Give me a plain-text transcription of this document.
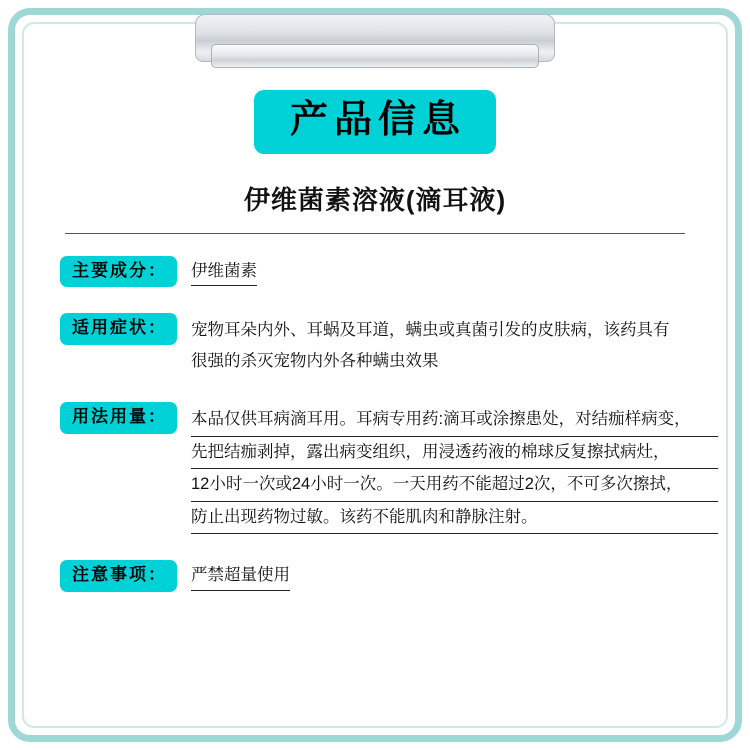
产品信息
伊维菌素溶液(滴耳液)
主要成分：	伊维菌素
适用症状：	宠物耳朵内外、耳蜗及耳道，螨虫或真菌引发的皮肤病，该药具有
很强的杀灭宠物内外各种螨虫效果
用法用量：	本品仅供耳病滴耳用。耳病专用药:滴耳或涂擦患处，对结痂样病变，
先把结痂剥掉，露出病变组织，用浸透药液的棉球反复擦拭病灶，
12小时一次或24小时一次。一天用药不能超过2次，不可多次擦拭，
防止出现药物过敏。该药不能肌肉和静脉注射。
注意事项：	严禁超量使用
